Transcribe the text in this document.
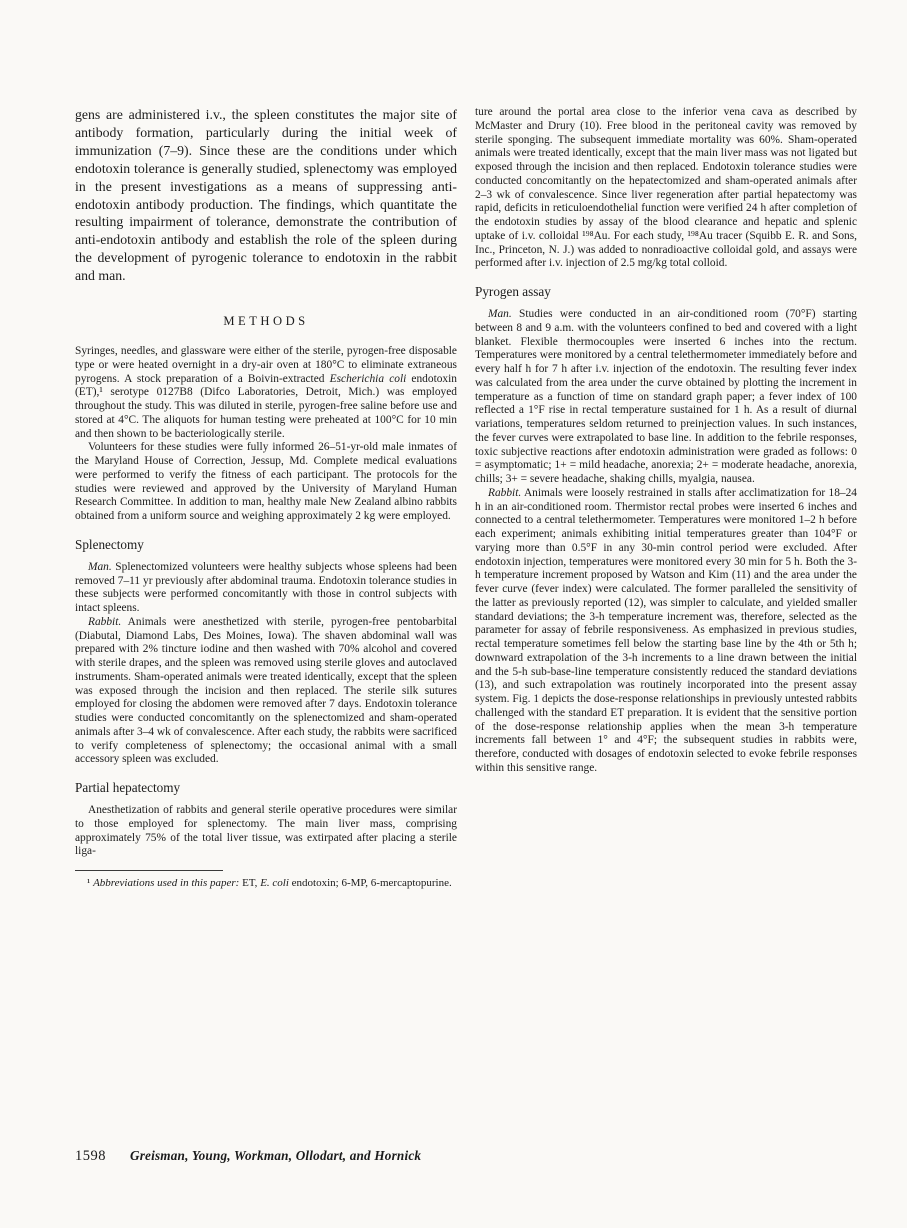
gens are administered i.v., the spleen constitutes the major site of antibody formation, particularly during the initial week of immunization (7–9). Since these are the conditions under which endotoxin tolerance is generally studied, splenectomy was employed in the present investigations as a means of suppressing anti-endotoxin antibody production. The findings, which quantitate the resulting impairment of tolerance, demonstrate the contribution of anti-endotoxin antibody and establish the role of the spleen during the development of pyrogenic tolerance to endotoxin in the rabbit and man.

METHODS

Syringes, needles, and glassware were either of the sterile, pyrogen-free disposable type or were heated overnight in a dry-air oven at 180°C to eliminate extraneous pyrogens. A stock preparation of a Boivin-extracted Escherichia coli endotoxin (ET),¹ serotype 0127B8 (Difco Laboratories, Detroit, Mich.) was employed throughout the study. This was diluted in sterile, pyrogen-free saline before use and stored at 4°C. The aliquots for human testing were preheated at 100°C for 10 min and then shown to be bacteriologically sterile.

Volunteers for these studies were fully informed 26–51-yr-old male inmates of the Maryland House of Correction, Jessup, Md. Complete medical evaluations were performed to verify the fitness of each participant. The protocols for the studies were reviewed and approved by the University of Maryland Human Research Committee. In addition to man, healthy male New Zealand albino rabbits obtained from a uniform source and weighing approximately 2 kg were employed.

Splenectomy

Man. Splenectomized volunteers were healthy subjects whose spleens had been removed 7–11 yr previously after abdominal trauma. Endotoxin tolerance studies in these subjects were performed concomitantly with those in control subjects with intact spleens.

Rabbit. Animals were anesthetized with sterile, pyrogen-free pentobarbital (Diabutal, Diamond Labs, Des Moines, Iowa). The shaven abdominal wall was prepared with 2% tincture iodine and then washed with 70% alcohol and covered with sterile drapes, and the spleen was removed using sterile gloves and autoclaved instruments. Sham-operated animals were treated identically, except that the spleen was exposed through the incision and then replaced. The sterile silk sutures employed for closing the abdomen were removed after 7 days. Endotoxin tolerance studies were conducted concomitantly on the splenectomized and sham-operated animals after 3–4 wk of convalescence. After each study, the rabbits were sacrificed to verify completeness of splenectomy; the occasional animal with a small accessory spleen was excluded.

Partial hepatectomy

Anesthetization of rabbits and general sterile operative procedures were similar to those employed for splenectomy. The main liver mass, comprising approximately 75% of the total liver tissue, was extirpated after placing a sterile liga-

¹ Abbreviations used in this paper: ET, E. coli endotoxin; 6-MP, 6-mercaptopurine.

ture around the portal area close to the inferior vena cava as described by McMaster and Drury (10). Free blood in the peritoneal cavity was removed by sterile sponging. The subsequent immediate mortality was 60%. Sham-operated animals were treated identically, except that the main liver mass was not ligated but exposed through the incision and then replaced. Endotoxin tolerance studies were conducted concomitantly on the hepatectomized and sham-operated animals after 2–3 wk of convalescence. Since liver regeneration after partial hepatectomy was rapid, deficits in reticuloendothelial function were verified 24 h after completion of the endotoxin studies by assay of the blood clearance and hepatic and splenic uptake of i.v. colloidal ¹⁹⁸Au. For each study, ¹⁹⁸Au tracer (Squibb E. R. and Sons, Inc., Princeton, N. J.) was added to nonradioactive colloidal gold, and assays were performed after i.v. injection of 2.5 mg/kg total colloid.

Pyrogen assay

Man. Studies were conducted in an air-conditioned room (70°F) starting between 8 and 9 a.m. with the volunteers confined to bed and covered with a light blanket. Flexible thermocouples were inserted 6 inches into the rectum. Temperatures were monitored by a central telethermometer immediately before and every half h for 7 h after i.v. injection of the endotoxin. The resulting fever index was calculated from the area under the curve obtained by plotting the increment in temperature as a function of time on standard graph paper; a fever index of 100 reflected a 1°F rise in rectal temperature sustained for 1 h. As a result of diurnal variations, temperatures seldom returned to preinjection values. In such instances, the fever curves were extrapolated to base line. In addition to the febrile responses, toxic subjective reactions after endotoxin administration were graded as follows: 0 = asymptomatic; 1+ = mild headache, anorexia; 2+ = moderate headache, anorexia, chills; 3+ = severe headache, shaking chills, myalgia, nausea.

Rabbit. Animals were loosely restrained in stalls after acclimatization for 18–24 h in an air-conditioned room. Thermistor rectal probes were inserted 6 inches and connected to a central telethermometer. Temperatures were monitored 1–2 h before each experiment; animals exhibiting initial temperatures greater than 104°F or varying more than 0.5°F in any 30-min control period were excluded. After endotoxin injection, temperatures were monitored every 30 min for 5 h. Both the 3-h temperature increment proposed by Watson and Kim (11) and the area under the fever curve (fever index) were calculated. The former paralleled the sensitivity of the latter as previously reported (12), was simpler to calculate, and yielded smaller standard deviations; the 3-h temperature increment was, therefore, selected as the parameter for assay of febrile responsiveness. As emphasized in previous studies, rectal temperature sometimes fell below the starting base line by the 4th or 5th h; downward extrapolation of the 3-h increments to a line drawn between the initial and the 5-h sub-base-line temperature consistently reduced the standard deviations (13), and such extrapolation was routinely incorporated into the present assay system. Fig. 1 depicts the dose-response relationships in previously untested rabbits challenged with the standard ET preparation. It is evident that the sensitive portion of the dose-response relationship applies when the mean 3-h temperature increments fall between 1° and 4°F; the subsequent studies in rabbits were, therefore, conducted with dosages of endotoxin selected to evoke febrile responses within this sensitive range.

1598 Greisman, Young, Workman, Ollodart, and Hornick
